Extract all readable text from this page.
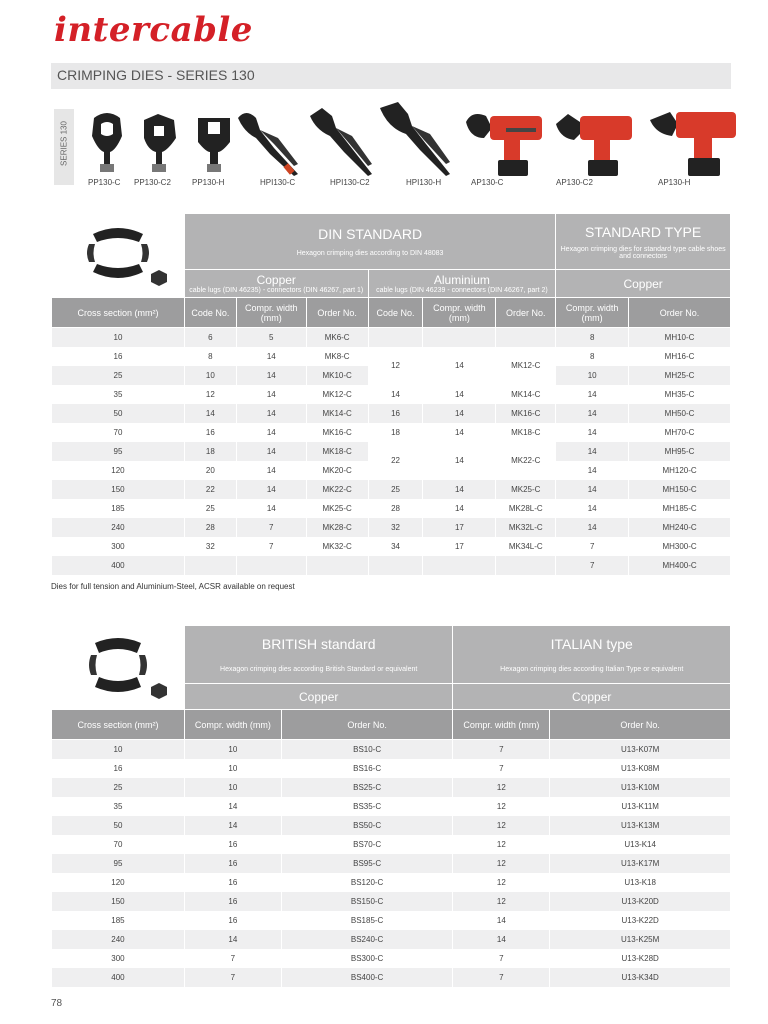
intercable
CRIMPING DIES - SERIES 130
SERIES 130
PP130-C PP130-C2	PP130-H	HPI130-C	HPI130-C2	HPI130-H	AP130-C	AP130-C2	AP130-H
	DIN STANDARD
Hexagon crimping dies according to DIN 48083						STANDARD TYPE
Hexagon crimping dies for standard type cable shoes and connectors	

	Copper
cable lugs (DIN 46235) - connectors (DIN 46267, part 1)			Aluminium
cable lugs (DIN 46239 - connectors (DIN 46267, part 2)			Copper	
Cross section (mm²)	Code No.	Compr. width (mm)	Order No.	Code No.	Compr. width (mm)	Order No.	Compr. width (mm)	Order No.
10	6	5	MK6-C				8	MH10-C
16	8	14	MK8-C	12	14	MK12-C	8	MH16-C
25	10	14	MK10-C				10	MH25-C
35	12	14	MK12-C	14	14	MK14-C	14	MH35-C
50	14	14	MK14-C	16	14	MK16-C	14	MH50-C
70	16	14	MK16-C	18	14	MK18-C	14	MH70-C
95	18	14	MK18-C	22	14	MK22-C	14	MH95-C
120	20	14	MK20-C				14	MH120-C
150	22	14	MK22-C	25	14	MK25-C	14	MH150-C
185	25	14	MK25-C	28	14	MK28L-C	14	MH185-C
240	28	7	MK28-C	32	17	MK32L-C	14	MH240-C
300	32	7	MK32-C	34	17	MK34L-C	7	MH300-C
400							7	MH400-C
Dies for full tension and Aluminium-Steel, ACSR available on request
	BRITISH standard
Hexagon crimping dies according British Standard or equivalent		ITALIAN type
Hexagon crimping dies according Italian Type or equivalent	

	Copper		Copper	
Cross section (mm²)	Compr. width (mm)	Order No.	Compr. width (mm)	Order No.
10	10	BS10-C	7	U13-K07M
16	10	BS16-C	7	U13-K08M
25	10	BS25-C	12	U13-K10M
35	14	BS35-C	12	U13-K11M
50	14	BS50-C	12	U13-K13M
70	16	BS70-C	12	U13-K14
95	16	BS95-C	12	U13-K17M
120	16	BS120-C	12	U13-K18
150	16	BS150-C	12	U13-K20D
185	16	BS185-C	14	U13-K22D
240	14	BS240-C	14	U13-K25M
300	7	BS300-C	7	U13-K28D
400	7	BS400-C	7	U13-K34D
78
